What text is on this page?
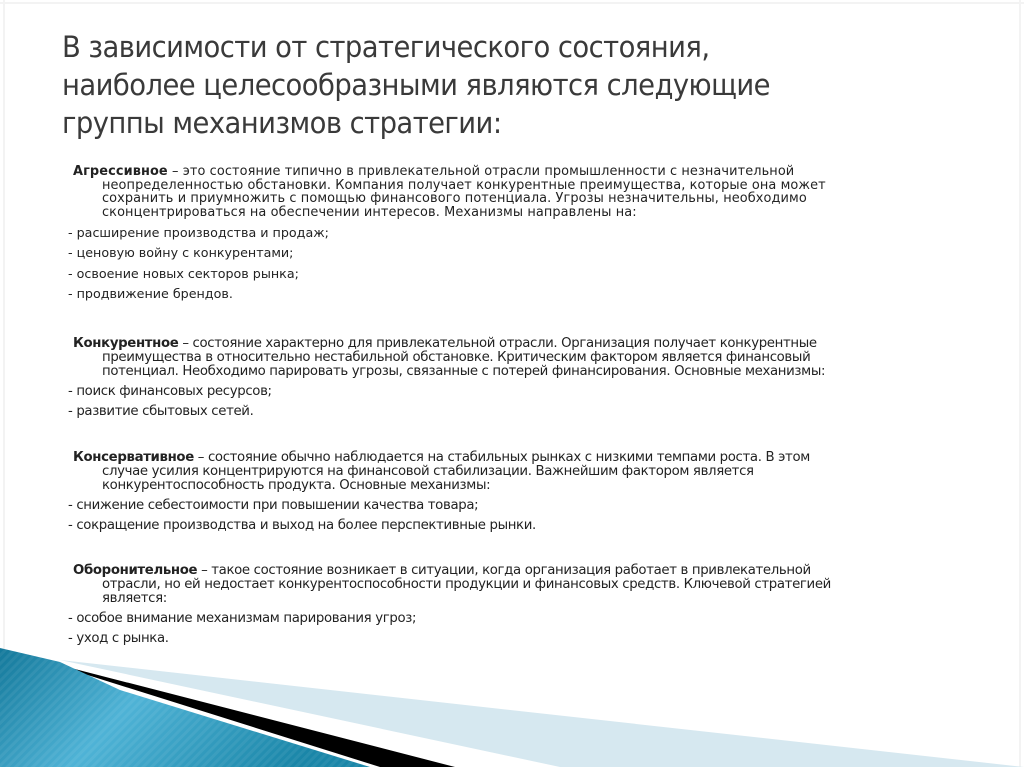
В зависимости от стратегического состояния,
наиболее целесообразными являются следующие
группы механизмов стратегии:
Агрессивное – это состояние типично в привлекательной отрасли промышленности с незначительной
неопределенностью обстановки. Компания получает конкурентные преимущества, которые она может
сохранить и приумножить с помощью финансового потенциала. Угрозы незначительны, необходимо
сконцентрироваться на обеспечении интересов. Механизмы направлены на:
- расширение производства и продаж;
- ценовую войну с конкурентами;
- освоение новых секторов рынка;
- продвижение брендов.
Конкурентное – состояние характерно для привлекательной отрасли. Организация получает конкурентные
преимущества в относительно нестабильной обстановке. Критическим фактором является финансовый
потенциал. Необходимо парировать угрозы, связанные с потерей финансирования. Основные механизмы:
- поиск финансовых ресурсов;
- развитие сбытовых сетей.
Консервативное – состояние обычно наблюдается на стабильных рынках с низкими темпами роста. В этом
случае усилия концентрируются на финансовой стабилизации. Важнейшим фактором является
конкурентоспособность продукта. Основные механизмы:
- снижение себестоимости при повышении качества товара;
- сокращение производства и выход на более перспективные рынки.
Оборонительное – такое состояние возникает в ситуации, когда организация работает в привлекательной
отрасли, но ей недостает конкурентоспособности продукции и финансовых средств. Ключевой стратегией
является:
- особое внимание механизмам парирования угроз;
- уход с рынка.
